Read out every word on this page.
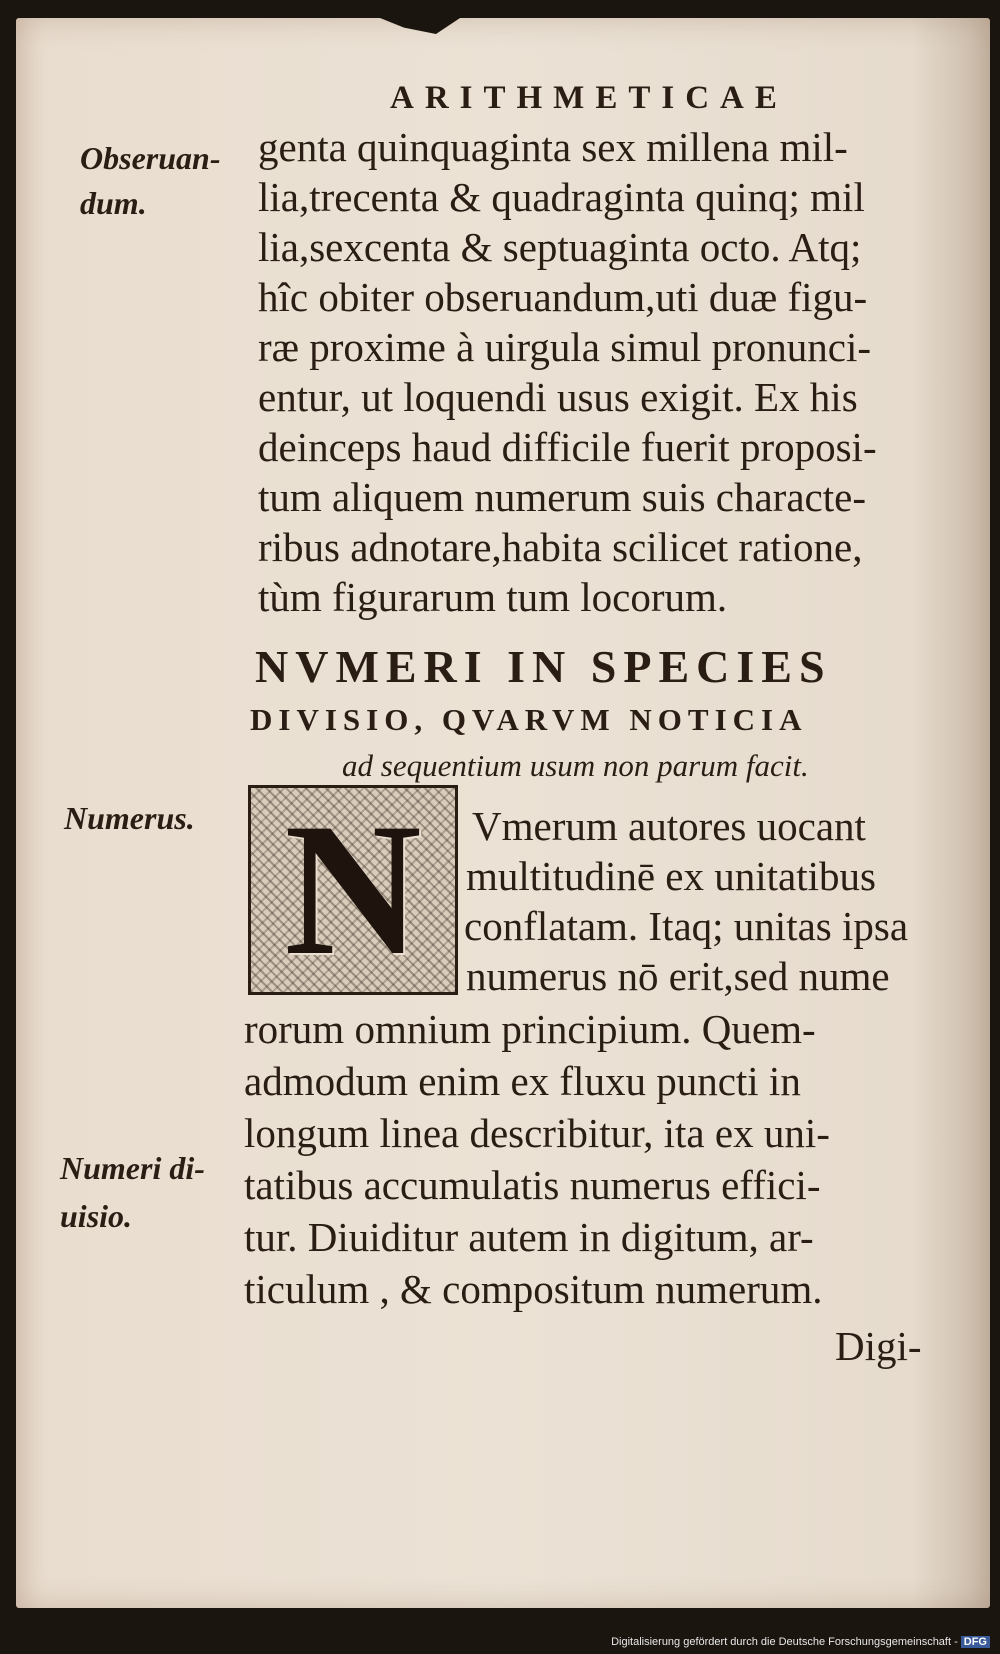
ARITHMETICAE

Obseruan-

dum.

Numerus.

Numeri di-

uisio.

genta quinquaginta sex millena mil-

lia,trecenta & quadraginta quinq; mil

lia,sexcenta & septuaginta octo. Atq;

hîc obiter obseruandum,uti duæ figu-

ræ proxime à uirgula simul pronunci-

entur, ut loquendi usus exigit. Ex his

deinceps haud difficile fuerit proposi-

tum aliquem numerum suis characte-

ribus adnotare,habita scilicet ratione,

tùm figurarum tum locorum.

NVMERI IN SPECIES
DIVISIO, QVARVM NOTICIA

ad sequentium usum non parum facit.

N Vmerum autores uocant

multitudinē ex unitatibus

conflatam. Itaq; unitas ipsa

numerus nō erit,sed nume

rorum omnium principium. Quem-

admodum enim ex fluxu puncti in

longum linea describitur, ita ex uni-

tatibus accumulatis numerus effici-

tur. Diuiditur autem in digitum, ar-

ticulum , & compositum numerum.

Digi-

Digitalisierung gefördert durch die Deutsche Forschungsgemeinschaft - DFG
